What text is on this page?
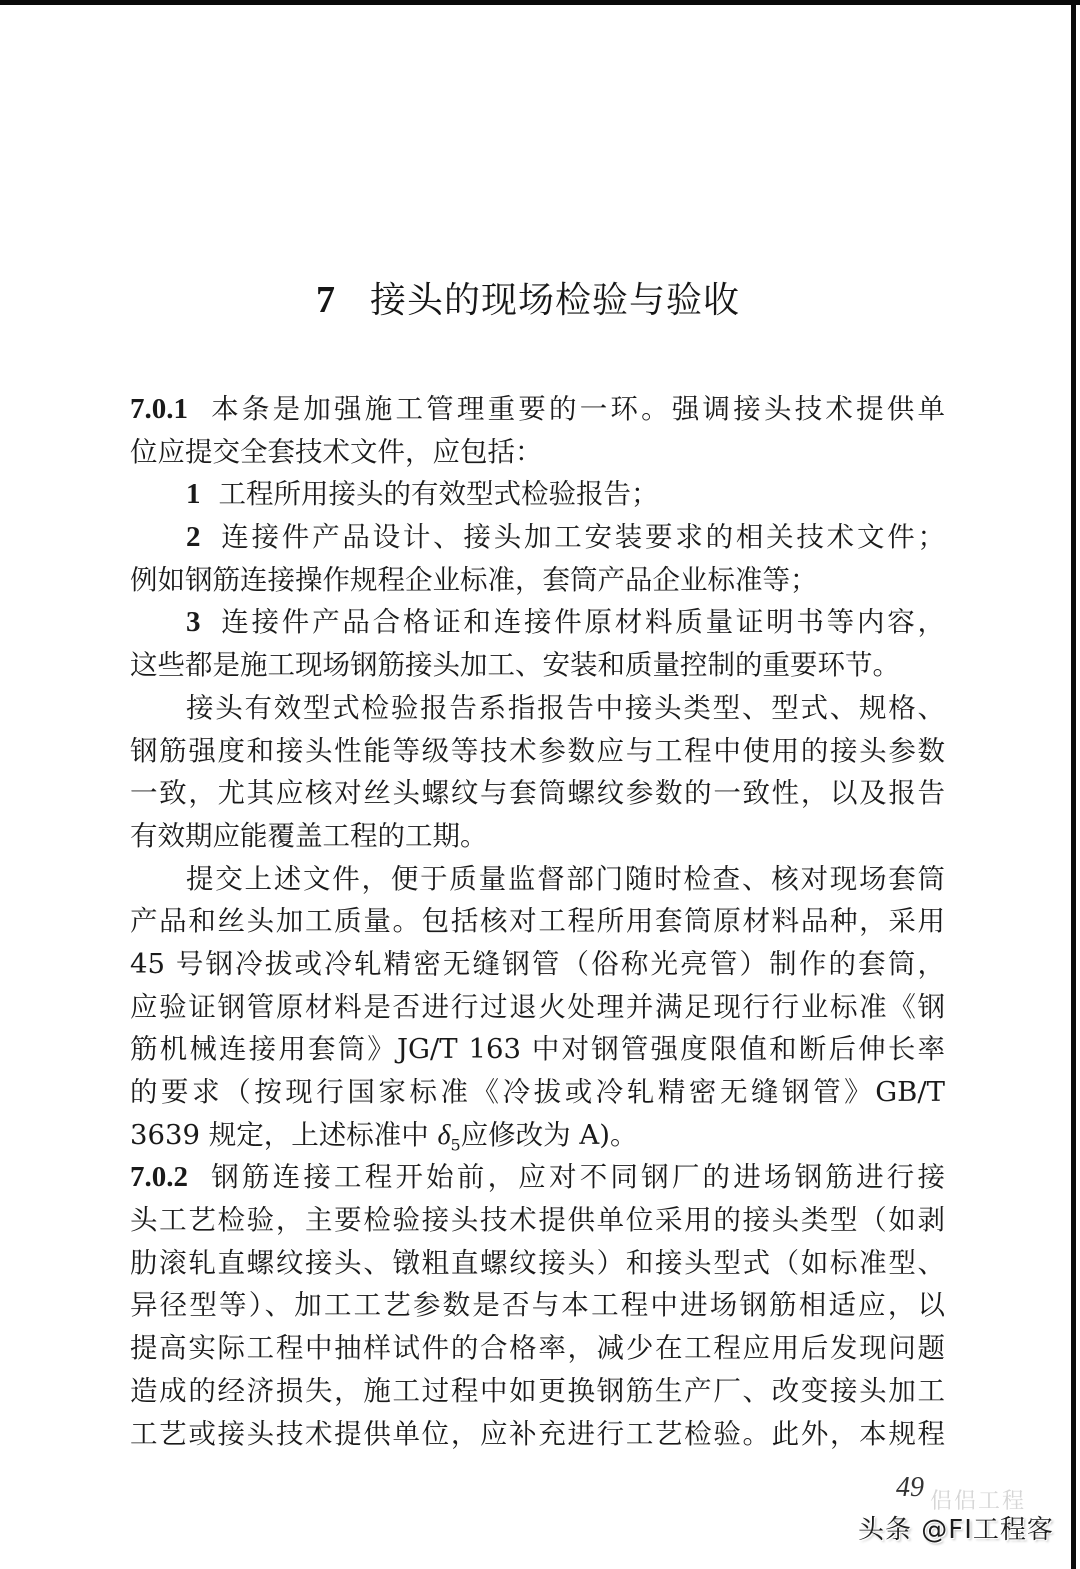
7 接头的现场检验与验收
7.0.1 本条是加强施工管理重要的一环。强调接头技术提供单
位应提交全套技术文件，应包括：
1 工程所用接头的有效型式检验报告；
2 连接件产品设计、接头加工安装要求的相关技术文件；
例如钢筋连接操作规程企业标准，套筒产品企业标准等；
3 连接件产品合格证和连接件原材料质量证明书等内容，
这些都是施工现场钢筋接头加工、安装和质量控制的重要环节。
接头有效型式检验报告系指报告中接头类型、型式、规格、
钢筋强度和接头性能等级等技术参数应与工程中使用的接头参数
一致，尤其应核对丝头螺纹与套筒螺纹参数的一致性，以及报告
有效期应能覆盖工程的工期。
提交上述文件，便于质量监督部门随时检查、核对现场套筒
产品和丝头加工质量。包括核对工程所用套筒原材料品种，采用
45 号钢冷拔或冷轧精密无缝钢管（俗称光亮管）制作的套筒，
应验证钢管原材料是否进行过退火处理并满足现行行业标准《钢
筋机械连接用套筒》JG/T 163 中对钢管强度限值和断后伸长率
的要求（按现行国家标准《冷拔或冷轧精密无缝钢管》GB/T
3639 规定，上述标准中 $\delta_5$应修改为 A)。
7.0.2 钢筋连接工程开始前，应对不同钢厂的进场钢筋进行接
头工艺检验，主要检验接头技术提供单位采用的接头类型（如剥
肋滚轧直螺纹接头、镦粗直螺纹接头）和接头型式（如标准型、
异径型等）、加工工艺参数是否与本工程中进场钢筋相适应，以
提高实际工程中抽样试件的合格率，减少在工程应用后发现问题
造成的经济损失，施工过程中如更换钢筋生产厂、改变接头加工
工艺或接头技术提供单位，应补充进行工艺检验。此外，本规程
49 侣侣工程
头条 @FI工程客
